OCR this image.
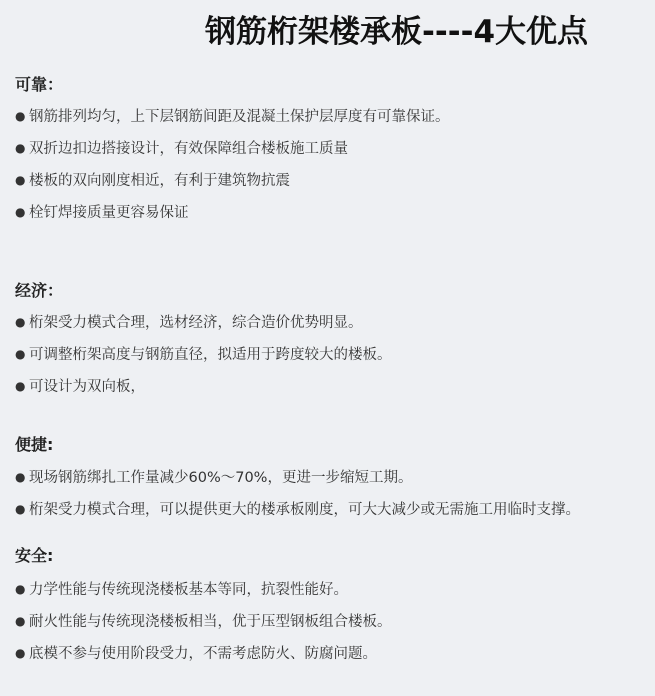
钢筋桁架楼承板----4大优点
可靠：
● 钢筋排列均匀，上下层钢筋间距及混凝土保护层厚度有可靠保证。
● 双折边扣边搭接设计，有效保障组合楼板施工质量
● 楼板的双向刚度相近，有利于建筑物抗震
● 栓钉焊接质量更容易保证
经济：
● 桁架受力模式合理，选材经济，综合造价优势明显。
● 可调整桁架高度与钢筋直径，拟适用于跨度较大的楼板。
● 可设计为双向板，
便捷:
● 现场钢筋绑扎工作量减少60%～70%，更进一步缩短工期。
● 桁架受力模式合理，可以提供更大的楼承板刚度，可大大减少或无需施工用临时支撑。
安全:
● 力学性能与传统现浇楼板基本等同，抗裂性能好。
● 耐火性能与传统现浇楼板相当，优于压型钢板组合楼板。
● 底模不参与使用阶段受力，不需考虑防火、防腐问题。
